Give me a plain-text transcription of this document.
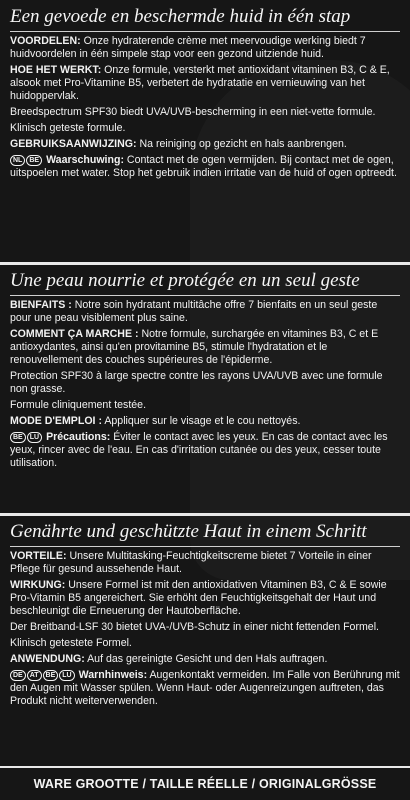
Een gevoede en beschermde huid in één stap
VOORDELEN: Onze hydraterende crème met meervoudige werking biedt 7 huidvoordelen in één simpele stap voor een gezond uitziende huid.
HOE HET WERKT: Onze formule, versterkt met antioxidant vitaminen B3, C & E, alsook met Pro-Vitamine B5, verbetert de hydratatie en vernieuwing van het huidoppervlak.
Breedspectrum SPF30 biedt UVA/UVB-bescherming in een niet-vette formule.
Klinisch geteste formule.
GEBRUIKSAANWIJZING: Na reiniging op gezicht en hals aanbrengen.
NL BE Waarschuwing: Contact met de ogen vermijden. Bij contact met de ogen, uitspoelen met water. Stop het gebruik indien irritatie van de huid of ogen optreedt.
Une peau nourrie et protégée en un seul geste
BIENFAITS : Notre soin hydratant multitâche offre 7 bienfaits en un seul geste pour une peau visiblement plus saine.
COMMENT ÇA MARCHE : Notre formule, surchargée en vitamines B3, C et E antioxydantes, ainsi qu'en provitamine B5, stimule l'hydratation et le renouvellement des couches supérieures de l'épiderme.
Protection SPF30 à large spectre contre les rayons UVA/UVB avec une formule non grasse.
Formule cliniquement testée.
MODE D'EMPLOI : Appliquer sur le visage et le cou nettoyés.
BE LU Précautions: Éviter le contact avec les yeux. En cas de contact avec les yeux, rincer avec de l'eau. En cas d'irritation cutanée ou des yeux, cesser toute utilisation.
Genährte und geschützte Haut in einem Schritt
VORTEILE: Unsere Multitasking-Feuchtigkeitscreme bietet 7 Vorteile in einer Pflege für gesund aussehende Haut.
WIRKUNG: Unsere Formel ist mit den antioxidativen Vitaminen B3, C & E sowie Pro-Vitamin B5 angereichert. Sie erhöht den Feuchtigkeitsgehalt der Haut und beschleunigt die Erneuerung der Hautoberfläche.
Der Breitband-LSF 30 bietet UVA-/UVB-Schutz in einer nicht fettenden Formel.
Klinisch getestete Formel.
ANWENDUNG: Auf das gereinigte Gesicht und den Hals auftragen.
DE AT BE LU Warnhinweis: Augenkontakt vermeiden. Im Falle von Berührung mit den Augen mit Wasser spülen. Wenn Haut- oder Augenreizungen auftreten, das Produkt nicht weiterverwenden.
WARE GROOTTE / TAILLE RÉELLE / ORIGINALGRÖSSE
